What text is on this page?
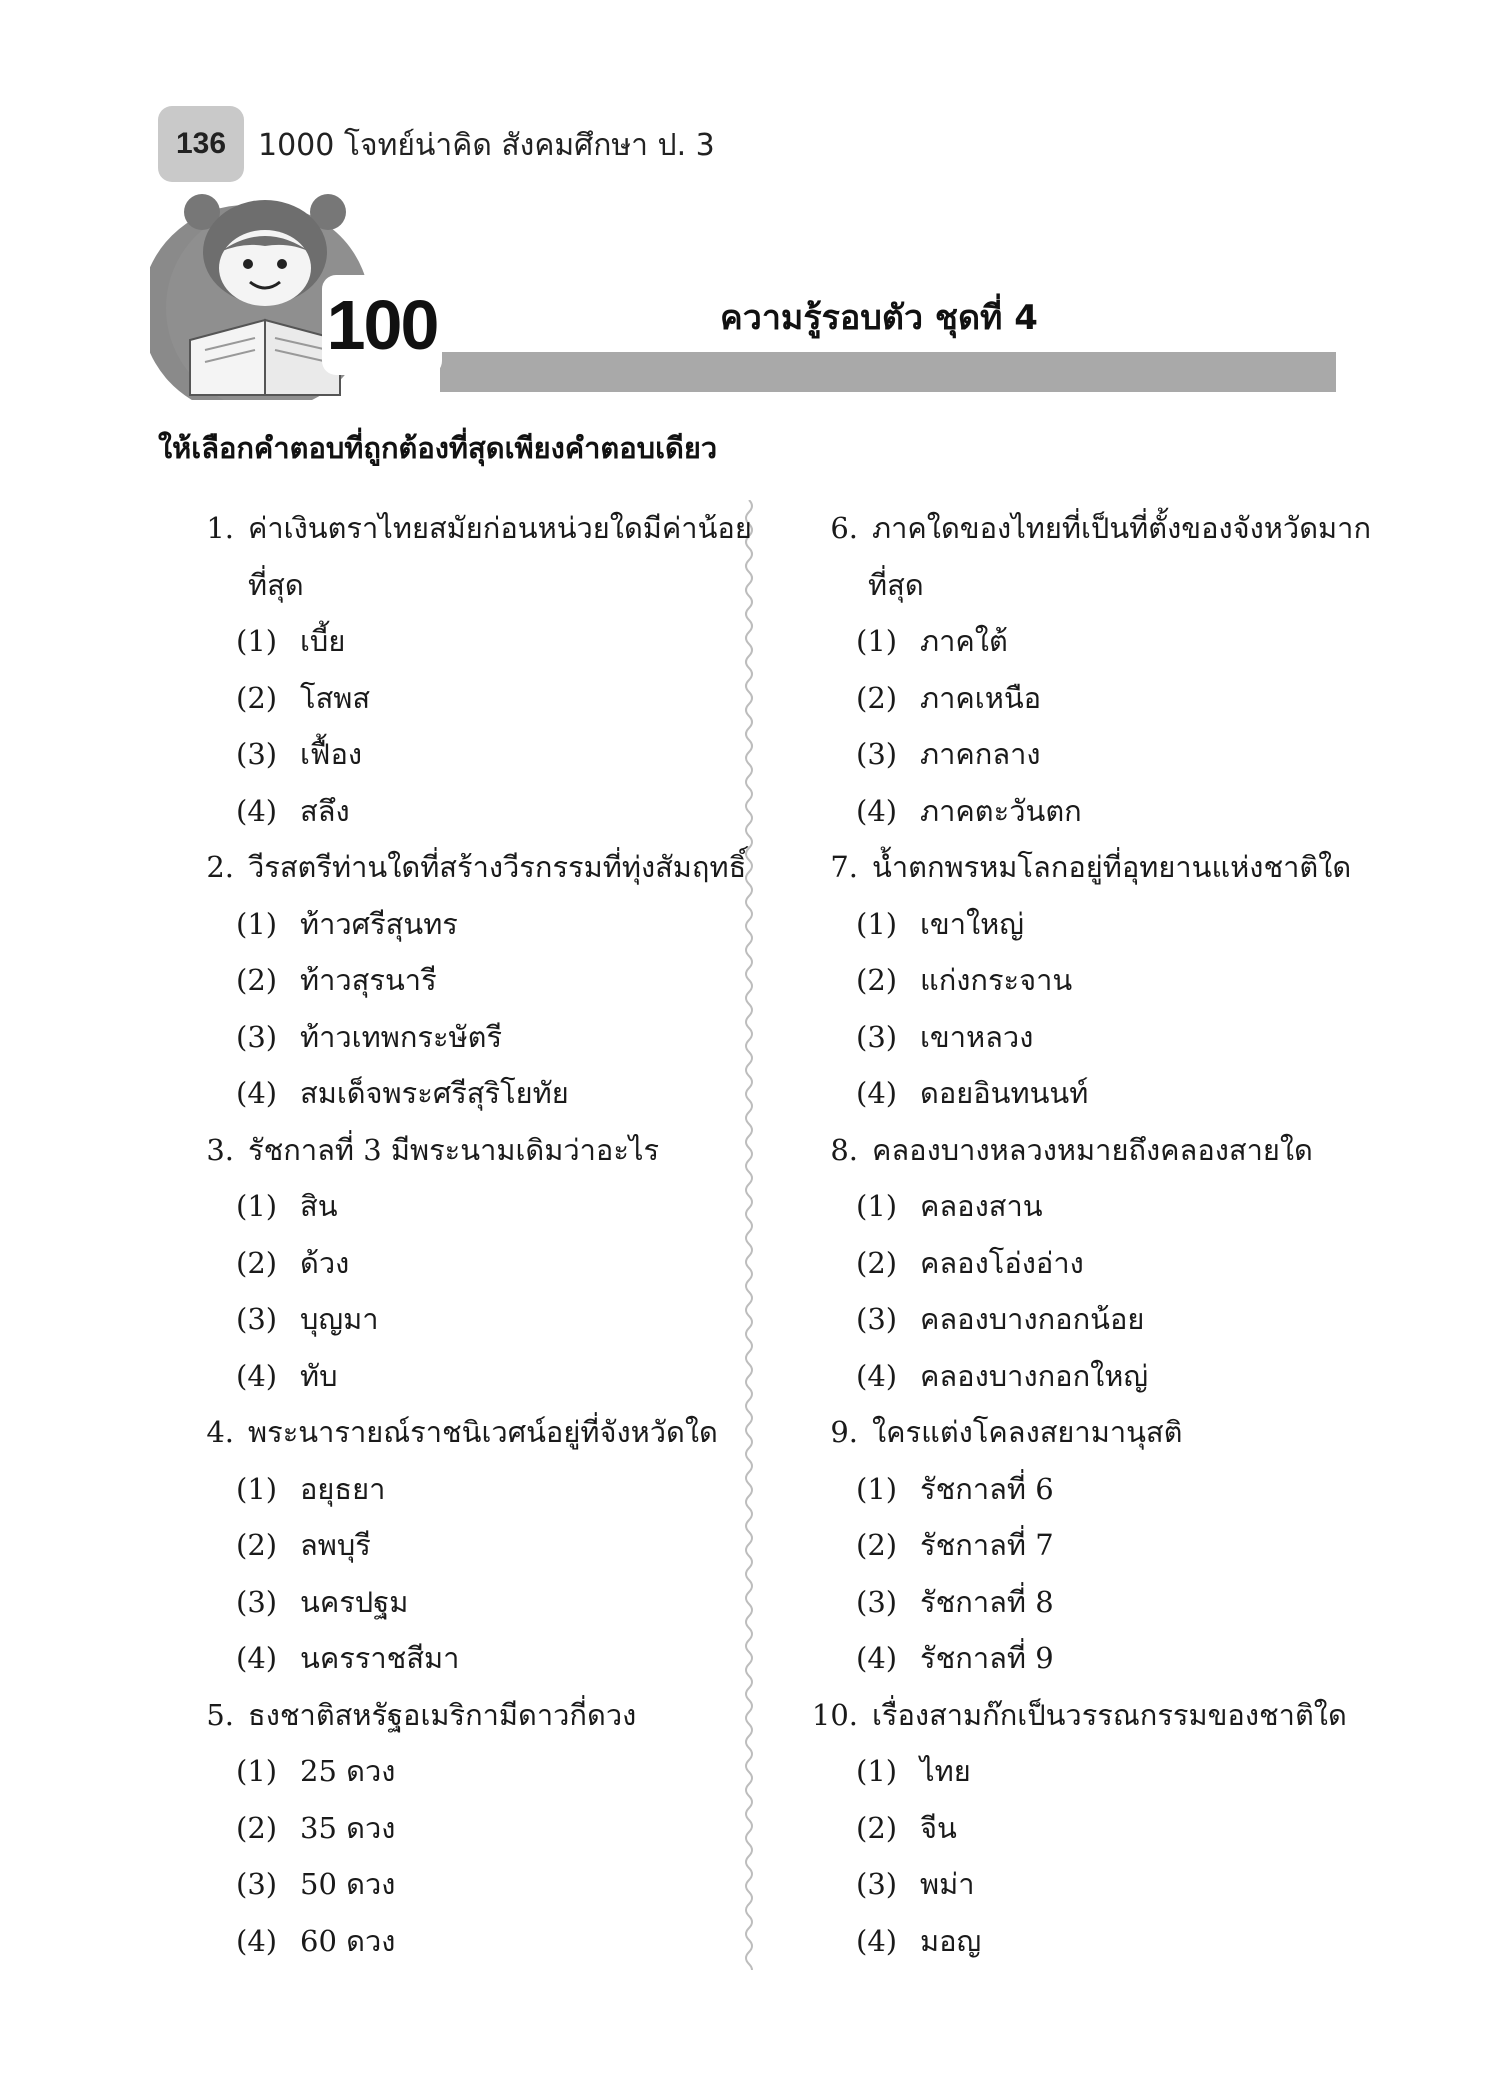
136 1000 โจทย์น่าคิด สังคมศึกษา ป. 3
100	ความรู้รอบตัว ชุดที่ 4
ให้เลือกคำตอบที่ถูกต้องที่สุดเพียงคำตอบเดียว
1. ค่าเงินตราไทยสมัยก่อนหน่วยใดมีค่าน้อย
ที่สุด
(1) เบี้ย
(2) โสพส
(3) เฟื้อง
(4) สลึง
2. วีรสตรีท่านใดที่สร้างวีรกรรมที่ทุ่งสัมฤทธิ์
(1) ท้าวศรีสุนทร
(2) ท้าวสุรนารี
(3) ท้าวเทพกระษัตรี
(4) สมเด็จพระศรีสุริโยทัย
3. รัชกาลที่ 3 มีพระนามเดิมว่าอะไร
(1) สิน
(2) ด้วง
(3) บุญมา
(4) ทับ
4. พระนารายณ์ราชนิเวศน์อยู่ที่จังหวัดใด
(1) อยุธยา
(2) ลพบุรี
(3) นครปฐม
(4) นครราชสีมา
5. ธงชาติสหรัฐอเมริกามีดาวกี่ดวง
(1) 25 ดวง
(2) 35 ดวง
(3) 50 ดวง
(4) 60 ดวง
6. ภาคใดของไทยที่เป็นที่ตั้งของจังหวัดมาก
ที่สุด
(1) ภาคใต้
(2) ภาคเหนือ
(3) ภาคกลาง
(4) ภาคตะวันตก
7. น้ำตกพรหมโลกอยู่ที่อุทยานแห่งชาติใด
(1) เขาใหญ่
(2) แก่งกระจาน
(3) เขาหลวง
(4) ดอยอินทนนท์
8. คลองบางหลวงหมายถึงคลองสายใด
(1) คลองสาน
(2) คลองโอ่งอ่าง
(3) คลองบางกอกน้อย
(4) คลองบางกอกใหญ่
9. ใครแต่งโคลงสยามานุสติ
(1) รัชกาลที่ 6
(2) รัชกาลที่ 7
(3) รัชกาลที่ 8
(4) รัชกาลที่ 9
10. เรื่องสามก๊กเป็นวรรณกรรมของชาติใด
(1) ไทย
(2) จีน
(3) พม่า
(4) มอญ
